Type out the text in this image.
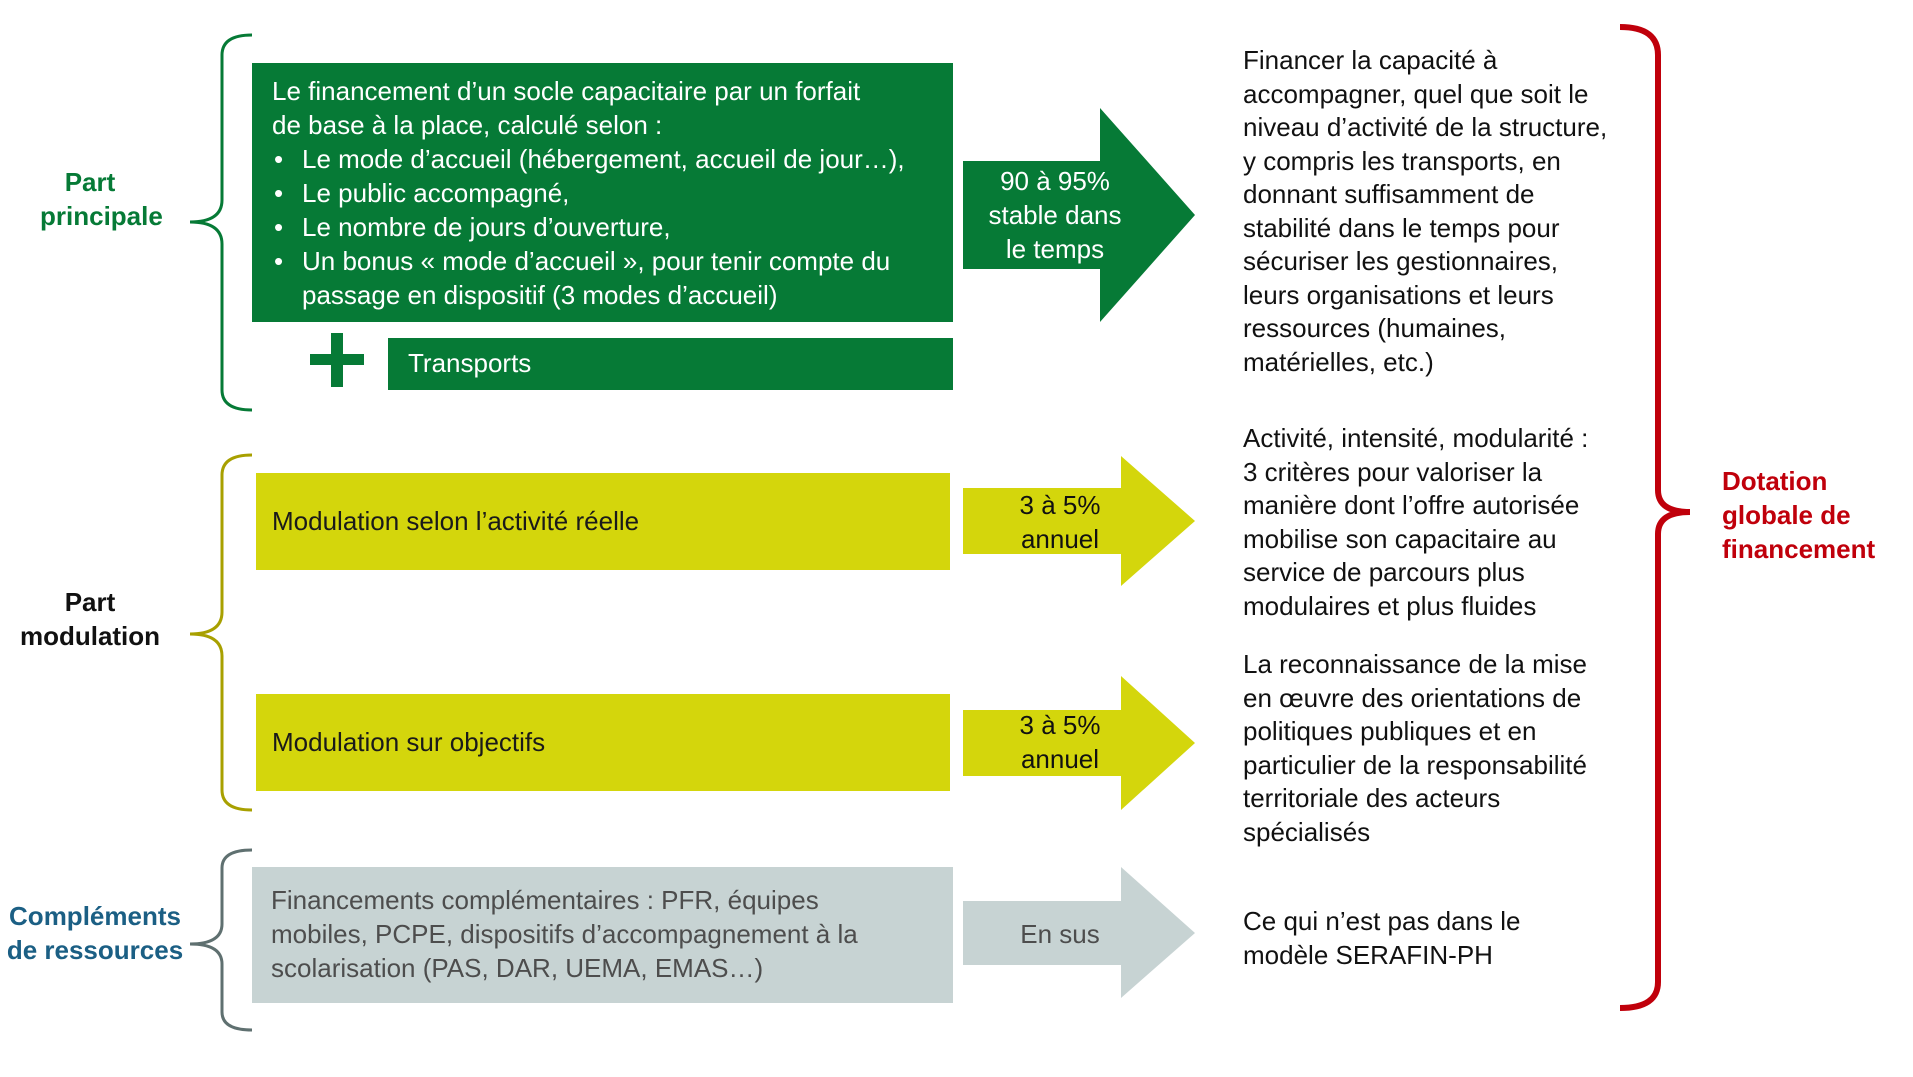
Part
principale
Part
modulation
Compléments
de ressources
Le financement d’un socle capacitaire par un forfait
de base à la place, calculé selon :
• Le mode d’accueil (hébergement, accueil de jour…),
• Le public accompagné,
• Le nombre de jours d’ouverture,
• Un bonus « mode d’accueil », pour tenir compte du passage en dispositif (3 modes d’accueil)
Transports
Modulation selon l’activité réelle
Modulation sur objectifs
Financements complémentaires : PFR, équipes
mobiles, PCPE, dispositifs d’accompagnement à la
scolarisation (PAS, DAR, UEMA, EMAS…)
90 à 95%
stable dans
le temps
3 à 5%
annuel
3 à 5%
annuel
En sus
Financer la capacité à
accompagner, quel que soit le
niveau d’activité de la structure,
y compris les transports, en
donnant suffisamment de
stabilité dans le temps pour
sécuriser les gestionnaires,
leurs organisations et leurs
ressources (humaines,
matérielles, etc.)
Activité, intensité, modularité :
3 critères pour valoriser la
manière dont l’offre autorisée
mobilise son capacitaire au
service de parcours plus
modulaires et plus fluides
La reconnaissance de la mise
en œuvre des orientations de
politiques publiques et en
particulier de la responsabilité
territoriale des acteurs
spécialisés
Ce qui n’est pas dans le
modèle SERAFIN-PH
Dotation
globale de
financement
